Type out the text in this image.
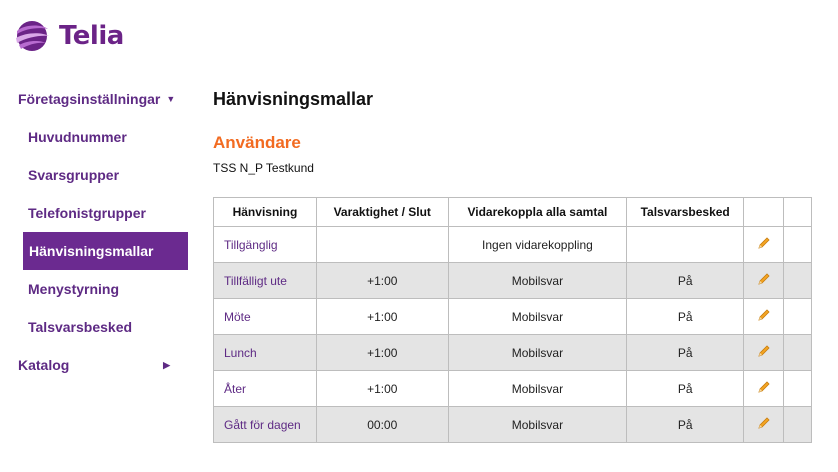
Telia
Företagsinställningar ▼
Huvudnummer
Svarsgrupper
Telefonistgrupper
Hänvisningsmallar
Menystyrning
Talsvarsbesked
Katalog	▶
Hänvisningsmallar
Användare
TSS N_P Testkund
Hänvisning	Varaktighet / Slut	Vidarekoppla alla samtal	Talsvarsbesked		
Tillgänglig		Ingen vidarekoppling			
Tillfälligt ute	+1:00	Mobilsvar	På		
Möte	+1:00	Mobilsvar	På		
Lunch	+1:00	Mobilsvar	På		
Åter	+1:00	Mobilsvar	På		
Gått för dagen	00:00	Mobilsvar	På		
